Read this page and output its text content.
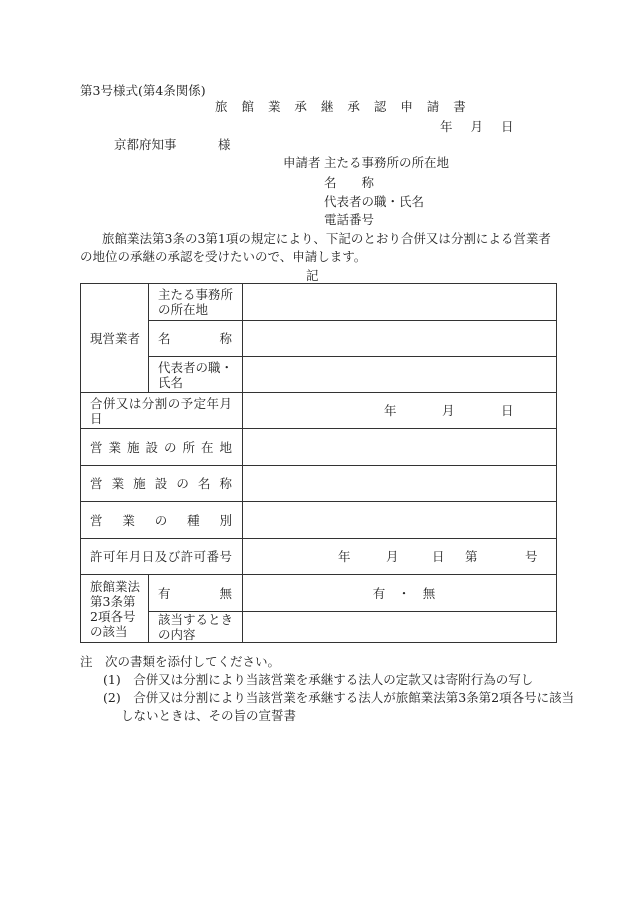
第3号様式(第4条関係)
旅 館 業 承 継 承 認 申 請 書
年 月 日
京都府知事	様
申請者 主たる事務所の所在地
名　　称
代表者の職・氏名
電話番号
旅館業法第3条の3第1項の規定により、下記のとおり合併又は分割による営業者の地位の承継の承認を受けたいので、申請します。
記
現営業者	主たる事務所の所在地	

	名 称	

	代表者の職・氏名	
合併又は分割の予定年月日		年 月 日

営業施設の所在地		
営業施設の名称		
営業の種別		
許可年月日及び許可番号		年 月 日 第 号

旅館業法第3条第2項各号の該当	有 無	有　・　無
	該当するときの内容	
注　次の書類を添付してください。
(1)　合併又は分割により当該営業を承継する法人の定款又は寄附行為の写し
(2)　合併又は分割により当該営業を承継する法人が旅館業法第3条第2項各号に該当
しないときは、その旨の宣誓書
